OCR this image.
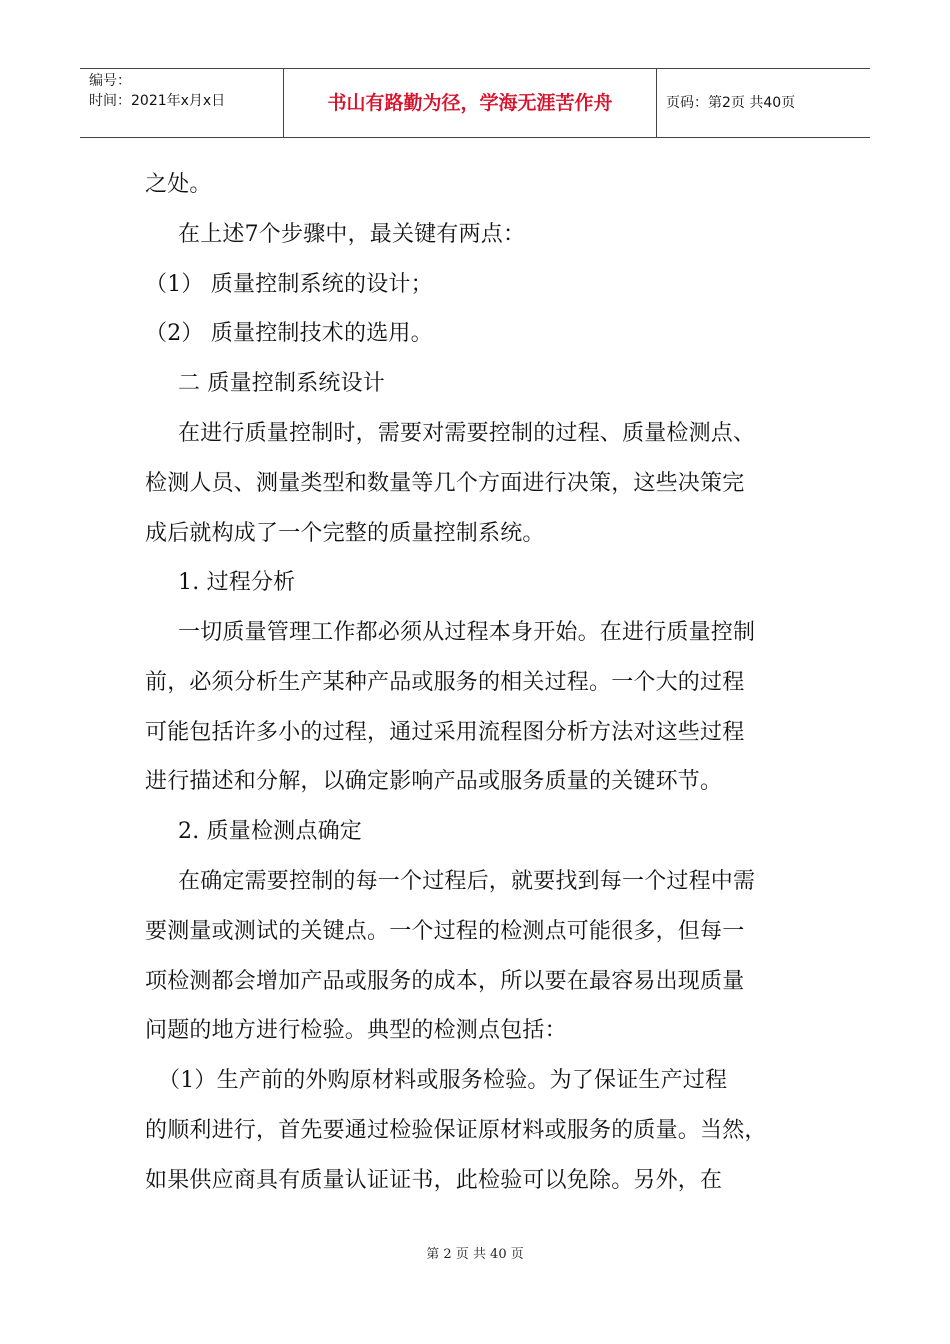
编号：
时间：2021年x月x日	书山有路勤为径，学海无涯苦作舟	页码：第2页 共40页
之处。
在上述7个步骤中，最关键有两点：
（1） 质量控制系统的设计；
（2） 质量控制技术的选用。
二 质量控制系统设计
在进行质量控制时，需要对需要控制的过程、质量检测点、
检测人员、测量类型和数量等几个方面进行决策，这些决策完
成后就构成了一个完整的质量控制系统。
1. 过程分析
一切质量管理工作都必须从过程本身开始。在进行质量控制
前，必须分析生产某种产品或服务的相关过程。一个大的过程
可能包括许多小的过程，通过采用流程图分析方法对这些过程
进行描述和分解，以确定影响产品或服务质量的关键环节。
2. 质量检测点确定
在确定需要控制的每一个过程后，就要找到每一个过程中需
要测量或测试的关键点。一个过程的检测点可能很多，但每一
项检测都会增加产品或服务的成本，所以要在最容易出现质量
问题的地方进行检验。典型的检测点包括：
（1）生产前的外购原材料或服务检验。为了保证生产过程
的顺利进行，首先要通过检验保证原材料或服务的质量。当然，
如果供应商具有质量认证证书，此检验可以免除。另外，在
第 2 页 共 40 页
